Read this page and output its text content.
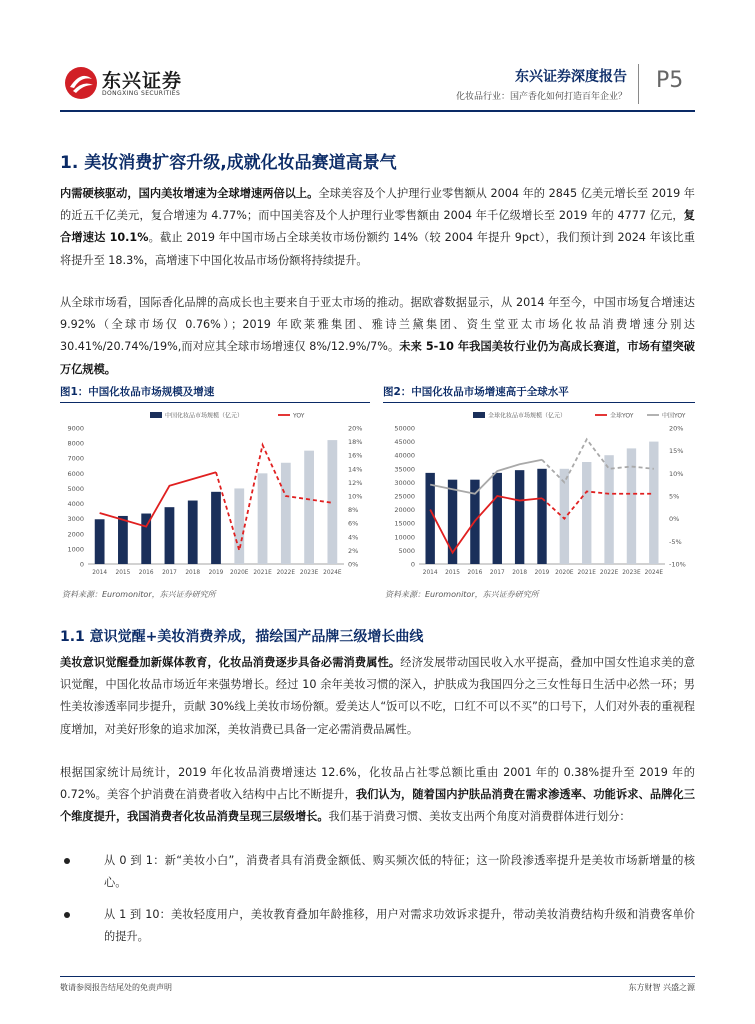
东兴证券
DONGXING SECURITIES
东兴证券深度报告
化妆品行业：国产香化如何打造百年企业？
P5
1. 美妆消费扩容升级,成就化妆品赛道高景气
内需硬核驱动，国内美妆增速为全球增速两倍以上。全球美容及个人护理行业零售额从 2004 年的 2845 亿美元增长至 2019 年的近五千亿美元，复合增速为 4.77%；而中国美容及个人护理行业零售额由 2004 年千亿级增长至 2019 年的 4777 亿元，复合增速达 10.1%。截止 2019 年中国市场占全球美妆市场份额约 14%（较 2004 年提升 9pct），我们预计到 2024 年该比重将提升至 18.3%，高增速下中国化妆品市场份额将持续提升。
从全球市场看，国际香化品牌的高成长也主要来自于亚太市场的推动。据欧睿数据显示，从 2014 年至今，中国市场复合增速达 9.92%（全球市场仅 0.76%）；2019 年欧莱雅集团、雅诗兰黛集团、资生堂亚太市场化妆品消费增速分别达 30.41%/20.74%/19%,而对应其全球市场增速仅 8%/12.9%/7%。未来 5-10 年我国美妆行业仍为高成长赛道，市场有望突破万亿规模。
图1：中国化妆品市场规模及增速
0
1000
2000
3000
4000
5000
6000
7000
8000
9000
0%
2%
4%
6%
8%
10%
12%
14%
16%
18%
20%
2014 2015 2016 2017 2018 2019 2020E 2021E 2022E 2023E 2024E
中国化妆品市场规模（亿元）	YOY
资料来源：Euromonitor，东兴证券研究所
图2：中国化妆品市场增速高于全球水平
0
5000
10000
15000
20000
25000
30000
35000
40000
45000
50000
-10%
-5%
0%
5%
10%
15%
20%
2014 2015 2016 2017 2018 2019 2020E 2021E 2022E 2023E 2024E
全球化妆品市场规模（亿元）	全球YOY	中国YOY
资料来源：Euromonitor，东兴证券研究所
1.1 意识觉醒+美妆消费养成，描绘国产品牌三级增长曲线
美妆意识觉醒叠加新媒体教育，化妆品消费逐步具备必需消费属性。经济发展带动国民收入水平提高，叠加中国女性追求美的意识觉醒，中国化妆品市场近年来强势增长。经过 10 余年美妆习惯的深入，护肤成为我国四分之三女性每日生活中必然一环；男性美妆渗透率同步提升，贡献 30%线上美妆市场份额。爱美达人“饭可以不吃，口红不可以不买”的口号下，人们对外表的重视程度增加，对美好形象的追求加深，美妆消费已具备一定必需消费品属性。
根据国家统计局统计，2019 年化妆品消费增速达 12.6%，化妆品占社零总额比重由 2001 年的 0.38%提升至 2019 年的 0.72%。美容个护消费在消费者收入结构中占比不断提升，我们认为，随着国内护肤品消费在需求渗透率、功能诉求、品牌化三个维度提升，我国消费者化妆品消费呈现三层级增长。我们基于消费习惯、美妆支出两个角度对消费群体进行划分：
从 0 到 1：新“美妆小白”，消费者具有消费金额低、购买频次低的特征；这一阶段渗透率提升是美妆市场新增量的核心。
从 1 到 10：美妆轻度用户，美妆教育叠加年龄推移，用户对需求功效诉求提升，带动美妆消费结构升级和消费客单价的提升。
敬请参阅报告结尾处的免责声明	东方财智 兴盛之源
